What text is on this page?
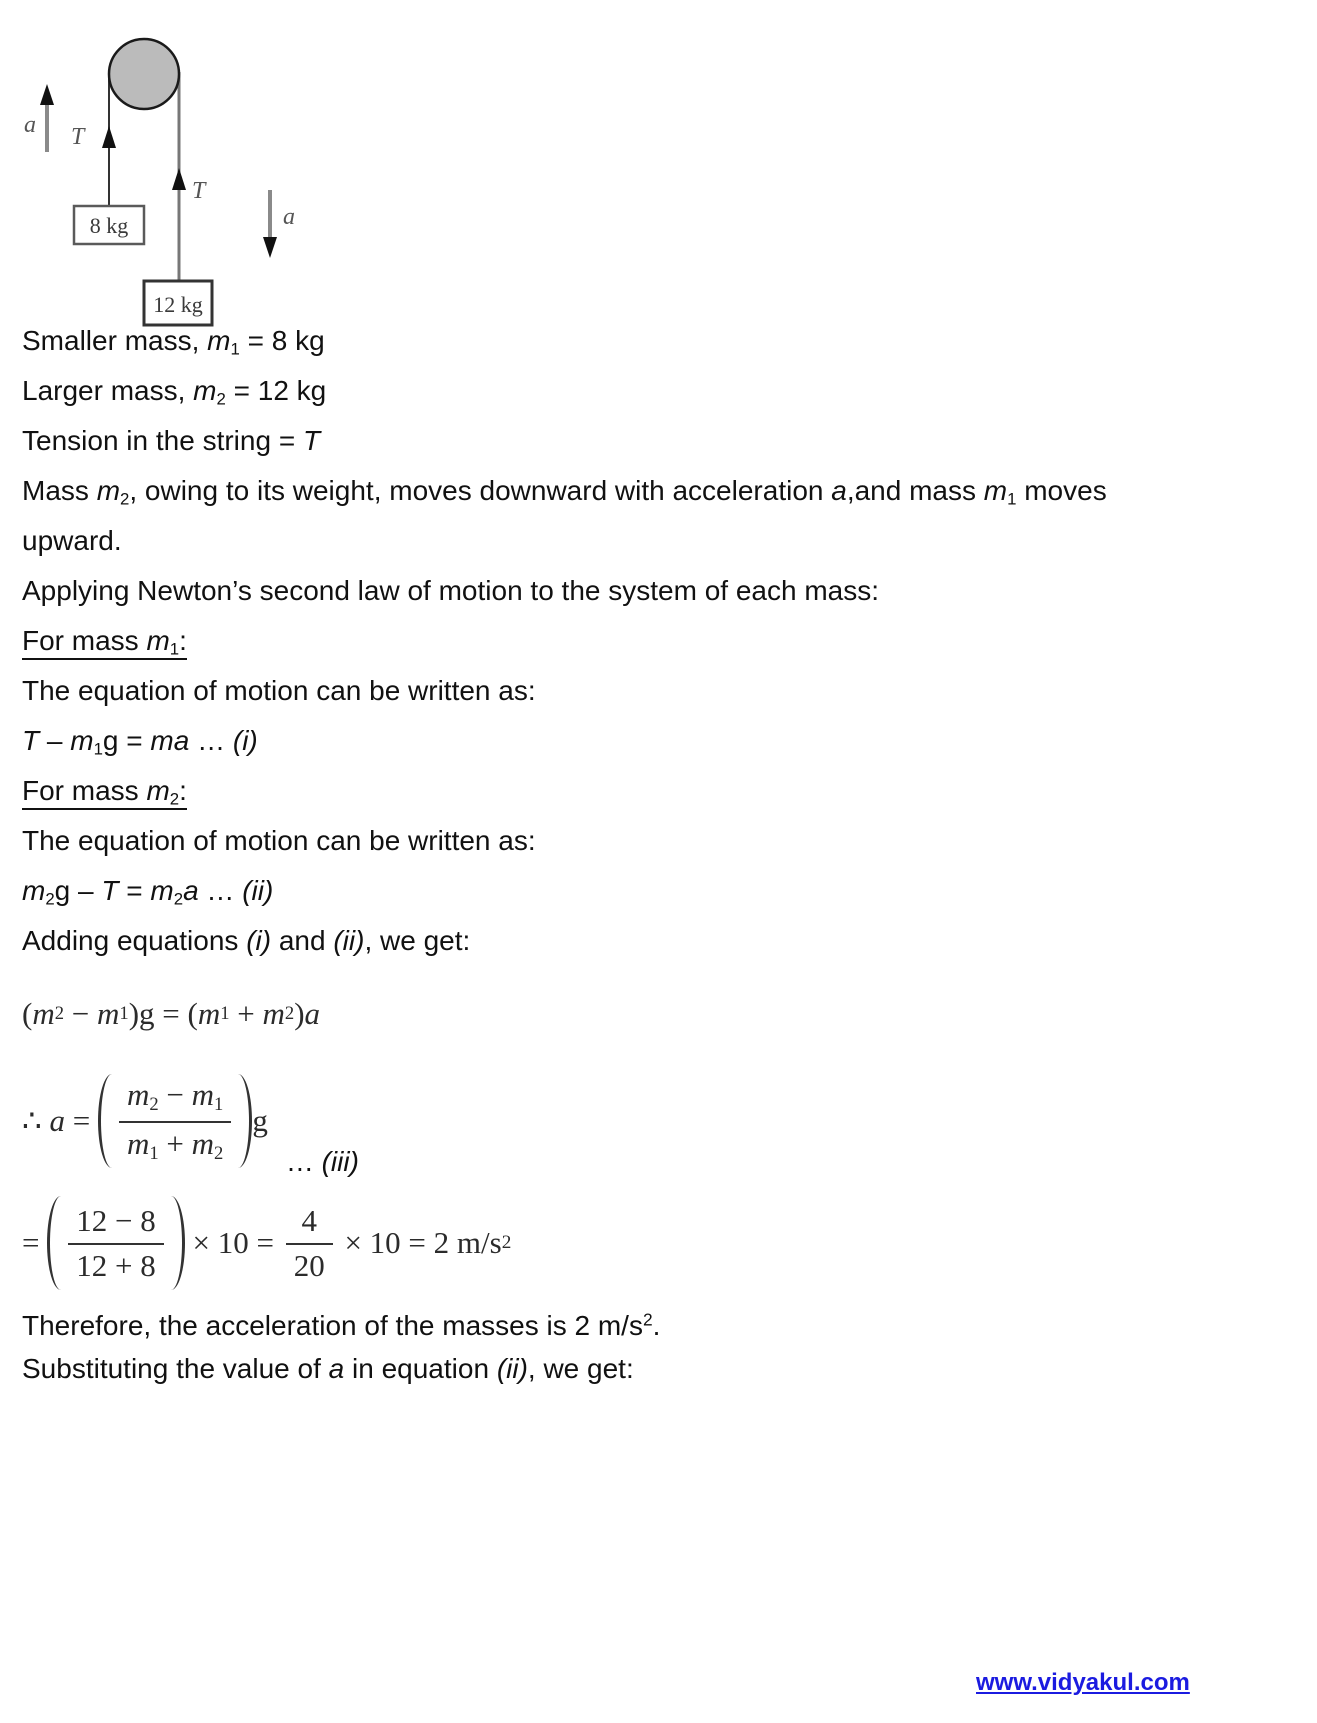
a T
T
a
8 kg
12 kg
Smaller mass, m1 = 8 kg
Larger mass, m2 = 12 kg
Tension in the string = T
Mass m2, owing to its weight, moves downward with acceleration a,and mass m1 moves
upward.
Applying Newton’s second law of motion to the system of each mass:
For mass m1:
The equation of motion can be written as:
T – m1g = ma … (i)
For mass m2:
The equation of motion can be written as:
m2g – T = m2a … (ii)
Adding equations (i) and (ii), we get:
( m 2 − m 1 ) g = ( m 1 + m 2 ) a
∴ $a = \frac{m2 - m1}{m1 + m2}$ g
… (iii)
= $\frac{12 - 8}{12 + 8} \times 10 = \frac{4}{20} \times 10 = 2$ m/s 2
Therefore, the acceleration of the masses is 2 $m/s^2$.
Substituting the value of a in equation (ii), we get:
www.vidyakul.com
